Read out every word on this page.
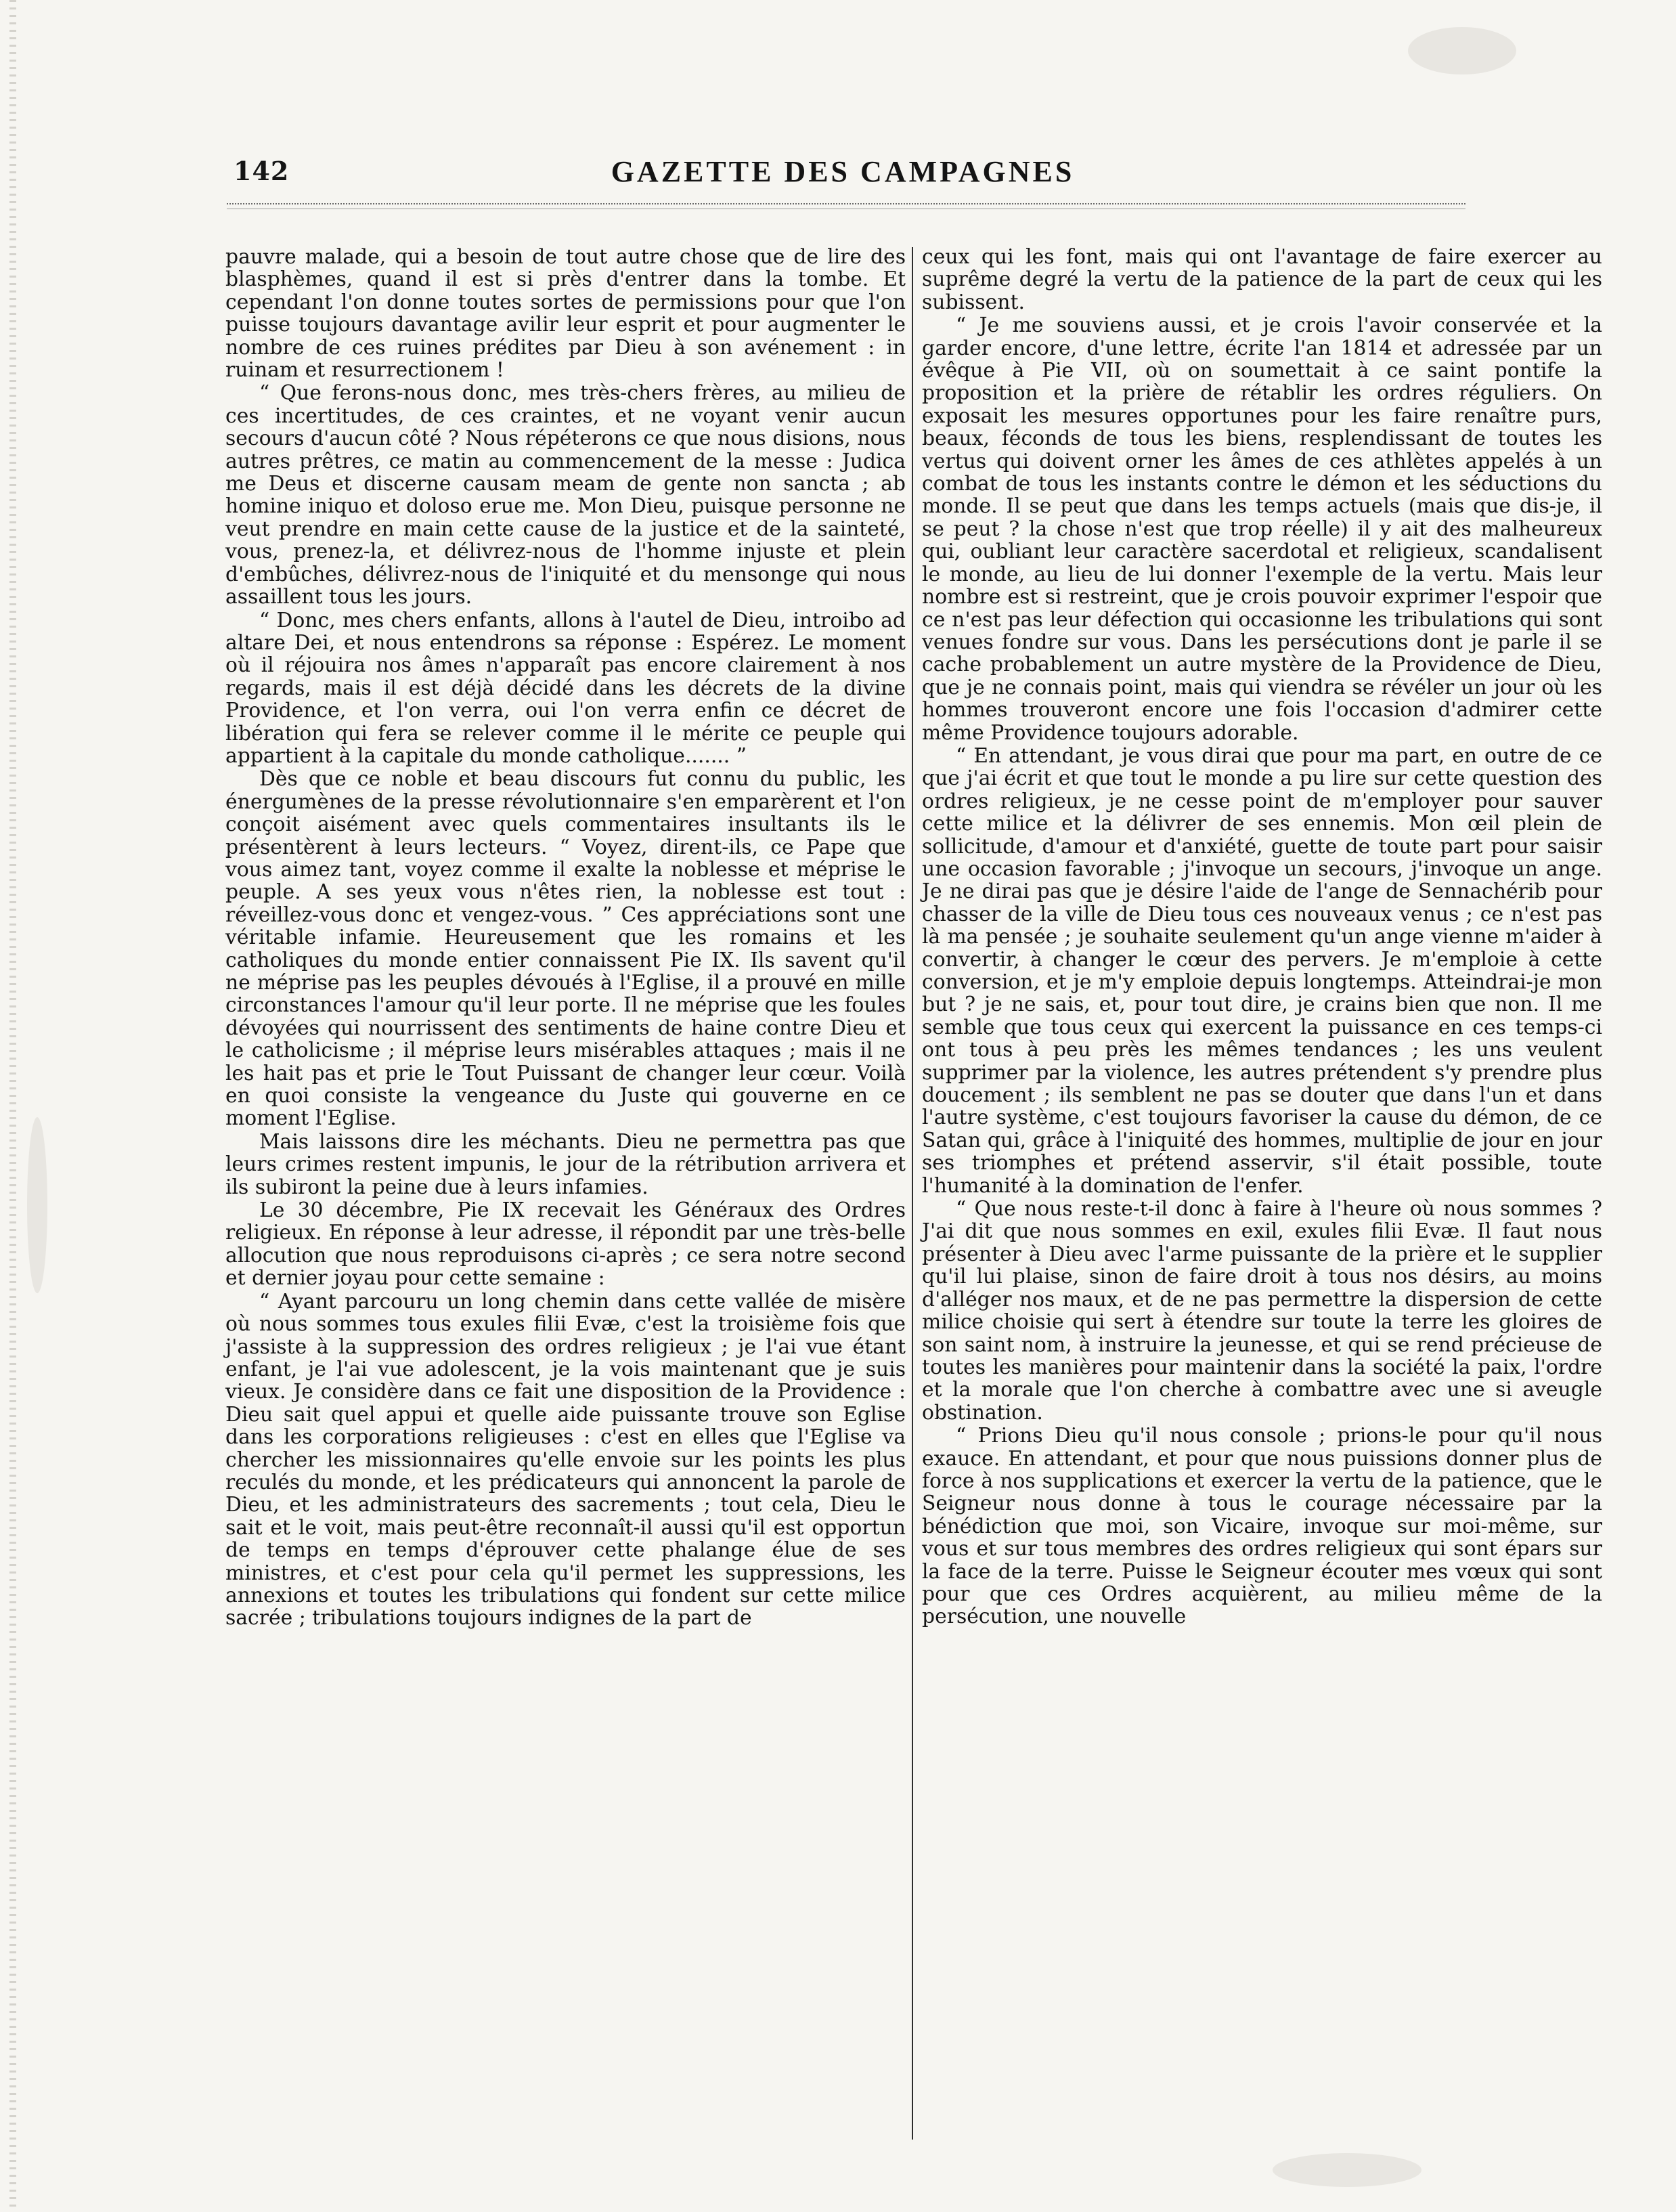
142	GAZETTE DES CAMPAGNES

pauvre malade, qui a besoin de tout autre chose que de lire des blasphèmes, quand il est si près d'entrer dans la tombe. Et cependant l'on donne toutes sortes de permissions pour que l'on puisse toujours davantage avilir leur esprit et pour augmenter le nombre de ces ruines prédites par Dieu à son avénement : in ruinam et resurrectionem !

“ Que ferons-nous donc, mes très-chers frères, au milieu de ces incertitudes, de ces craintes, et ne voyant venir aucun secours d'aucun côté ? Nous répéterons ce que nous disions, nous autres prêtres, ce matin au commencement de la messe : Judica me Deus et discerne causam meam de gente non sancta ; ab homine iniquo et doloso erue me. Mon Dieu, puisque personne ne veut prendre en main cette cause de la justice et de la sainteté, vous, prenez-la, et délivrez-nous de l'homme injuste et plein d'embûches, délivrez-nous de l'iniquité et du mensonge qui nous assaillent tous les jours.

“ Donc, mes chers enfants, allons à l'autel de Dieu, introibo ad altare Dei, et nous entendrons sa réponse : Espérez. Le moment où il réjouira nos âmes n'apparaît pas encore clairement à nos regards, mais il est déjà décidé dans les décrets de la divine Providence, et l'on verra, oui l'on verra enfin ce décret de libération qui fera se relever comme il le mérite ce peuple qui appartient à la capitale du monde catholique....... ”

Dès que ce noble et beau discours fut connu du public, les énergumènes de la presse révolutionnaire s'en emparèrent et l'on conçoit aisément avec quels commentaires insultants ils le présentèrent à leurs lecteurs. “ Voyez, dirent-ils, ce Pape que vous aimez tant, voyez comme il exalte la noblesse et méprise le peuple. A ses yeux vous n'êtes rien, la noblesse est tout : réveillez-vous donc et vengez-vous. ” Ces appréciations sont une véritable infamie. Heureusement que les romains et les catholiques du monde entier connaissent Pie IX. Ils savent qu'il ne méprise pas les peuples dévoués à l'Eglise, il a prouvé en mille circonstances l'amour qu'il leur porte. Il ne méprise que les foules dévoyées qui nourrissent des sentiments de haine contre Dieu et le catholicisme ; il méprise leurs misérables attaques ; mais il ne les hait pas et prie le Tout Puissant de changer leur cœur. Voilà en quoi consiste la vengeance du Juste qui gouverne en ce moment l'Eglise.

Mais laissons dire les méchants. Dieu ne permettra pas que leurs crimes restent impunis, le jour de la rétribution arrivera et ils subiront la peine due à leurs infamies.

Le 30 décembre, Pie IX recevait les Généraux des Ordres religieux. En réponse à leur adresse, il répondit par une très-belle allocution que nous reproduisons ci-après ; ce sera notre second et dernier joyau pour cette semaine :

“ Ayant parcouru un long chemin dans cette vallée de misère où nous sommes tous exules filii Evæ, c'est la troisième fois que j'assiste à la suppression des ordres religieux ; je l'ai vue étant enfant, je l'ai vue adolescent, je la vois maintenant que je suis vieux. Je considère dans ce fait une disposition de la Providence : Dieu sait quel appui et quelle aide puissante trouve son Eglise dans les corporations religieuses : c'est en elles que l'Eglise va chercher les missionnaires qu'elle envoie sur les points les plus reculés du monde, et les prédicateurs qui annoncent la parole de Dieu, et les administrateurs des sacrements ; tout cela, Dieu le sait et le voit, mais peut-être reconnaît-il aussi qu'il est opportun de temps en temps d'éprouver cette phalange élue de ses ministres, et c'est pour cela qu'il permet les suppressions, les annexions et toutes les tribulations qui fondent sur cette milice sacrée ; tribulations toujours indignes de la part de

ceux qui les font, mais qui ont l'avantage de faire exercer au suprême degré la vertu de la patience de la part de ceux qui les subissent.

“ Je me souviens aussi, et je crois l'avoir conservée et la garder encore, d'une lettre, écrite l'an 1814 et adressée par un évêque à Pie VII, où on soumettait à ce saint pontife la proposition et la prière de rétablir les ordres réguliers. On exposait les mesures opportunes pour les faire renaître purs, beaux, féconds de tous les biens, resplendissant de toutes les vertus qui doivent orner les âmes de ces athlètes appelés à un combat de tous les instants contre le démon et les séductions du monde. Il se peut que dans les temps actuels (mais que dis-je, il se peut ? la chose n'est que trop réelle) il y ait des malheureux qui, oubliant leur caractère sacerdotal et religieux, scandalisent le monde, au lieu de lui donner l'exemple de la vertu. Mais leur nombre est si restreint, que je crois pouvoir exprimer l'espoir que ce n'est pas leur défection qui occasionne les tribulations qui sont venues fondre sur vous. Dans les persécutions dont je parle il se cache probablement un autre mystère de la Providence de Dieu, que je ne connais point, mais qui viendra se révéler un jour où les hommes trouveront encore une fois l'occasion d'admirer cette même Providence toujours adorable.

“ En attendant, je vous dirai que pour ma part, en outre de ce que j'ai écrit et que tout le monde a pu lire sur cette question des ordres religieux, je ne cesse point de m'employer pour sauver cette milice et la délivrer de ses ennemis. Mon œil plein de sollicitude, d'amour et d'anxiété, guette de toute part pour saisir une occasion favorable ; j'invoque un secours, j'invoque un ange. Je ne dirai pas que je désire l'aide de l'ange de Sennachérib pour chasser de la ville de Dieu tous ces nouveaux venus ; ce n'est pas là ma pensée ; je souhaite seulement qu'un ange vienne m'aider à convertir, à changer le cœur des pervers. Je m'emploie à cette conversion, et je m'y emploie depuis longtemps. Atteindrai-je mon but ? je ne sais, et, pour tout dire, je crains bien que non. Il me semble que tous ceux qui exercent la puissance en ces temps-ci ont tous à peu près les mêmes tendances ; les uns veulent supprimer par la violence, les autres prétendent s'y prendre plus doucement ; ils semblent ne pas se douter que dans l'un et dans l'autre système, c'est toujours favoriser la cause du démon, de ce Satan qui, grâce à l'iniquité des hommes, multiplie de jour en jour ses triomphes et prétend asservir, s'il était possible, toute l'humanité à la domination de l'enfer.

“ Que nous reste-t-il donc à faire à l'heure où nous sommes ? J'ai dit que nous sommes en exil, exules filii Evæ. Il faut nous présenter à Dieu avec l'arme puissante de la prière et le supplier qu'il lui plaise, sinon de faire droit à tous nos désirs, au moins d'alléger nos maux, et de ne pas permettre la dispersion de cette milice choisie qui sert à étendre sur toute la terre les gloires de son saint nom, à instruire la jeunesse, et qui se rend précieuse de toutes les manières pour maintenir dans la société la paix, l'ordre et la morale que l'on cherche à combattre avec une si aveugle obstination.

“ Prions Dieu qu'il nous console ; prions-le pour qu'il nous exauce. En attendant, et pour que nous puissions donner plus de force à nos supplications et exercer la vertu de la patience, que le Seigneur nous donne à tous le courage nécessaire par la bénédiction que moi, son Vicaire, invoque sur moi-même, sur vous et sur tous membres des ordres religieux qui sont épars sur la face de la terre. Puisse le Seigneur écouter mes vœux qui sont pour que ces Ordres acquièrent, au milieu même de la persécution, une nouvelle
